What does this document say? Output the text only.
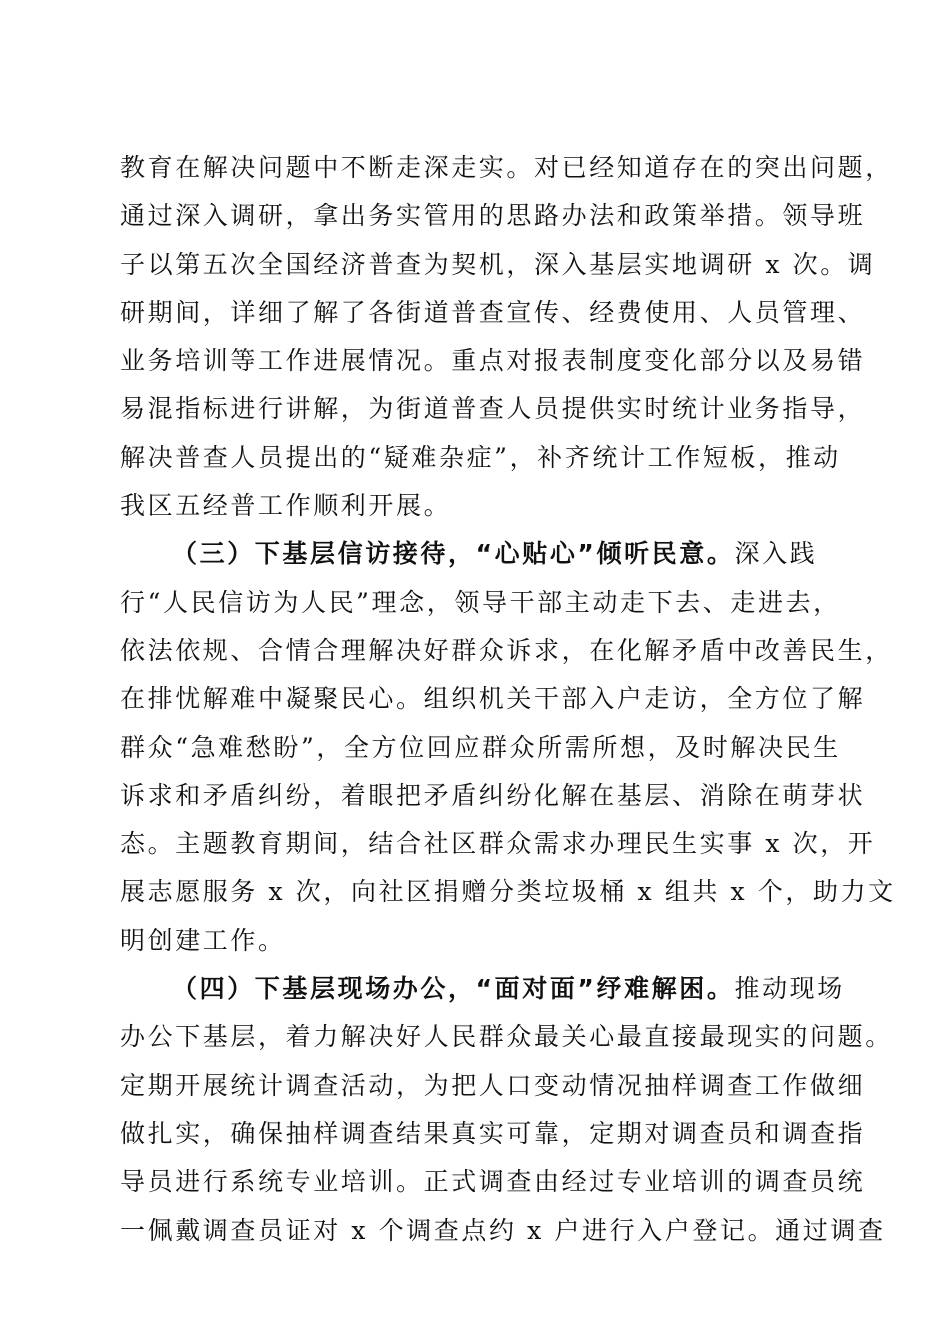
教育在解决问题中不断走深走实。对已经知道存在的突出问题，
通过深入调研，拿出务实管用的思路办法和政策举措。领导班
子以第五次全国经济普查为契机，深入基层实地调研 x 次。调
研期间，详细了解了各街道普查宣传、经费使用、人员管理、
业务培训等工作进展情况。重点对报表制度变化部分以及易错
易混指标进行讲解，为街道普查人员提供实时统计业务指导，
解决普查人员提出的“疑难杂症”，补齐统计工作短板，推动
我区五经普工作顺利开展。
（三）下基层信访接待，“心贴心”倾听民意。深入践
行“人民信访为人民”理念，领导干部主动走下去、走进去，
依法依规、合情合理解决好群众诉求，在化解矛盾中改善民生，
在排忧解难中凝聚民心。组织机关干部入户走访，全方位了解
群众“急难愁盼”，全方位回应群众所需所想，及时解决民生
诉求和矛盾纠纷，着眼把矛盾纠纷化解在基层、消除在萌芽状
态。主题教育期间，结合社区群众需求办理民生实事 x 次，开
展志愿服务 x 次，向社区捐赠分类垃圾桶 x 组共 x 个，助力文
明创建工作。
（四）下基层现场办公，“面对面”纾难解困。推动现场
办公下基层，着力解决好人民群众最关心最直接最现实的问题。
定期开展统计调查活动，为把人口变动情况抽样调查工作做细
做扎实，确保抽样调查结果真实可靠，定期对调查员和调查指
导员进行系统专业培训。正式调查由经过专业培训的调查员统
一佩戴调查员证对 x 个调查点约 x 户进行入户登记。通过调查
